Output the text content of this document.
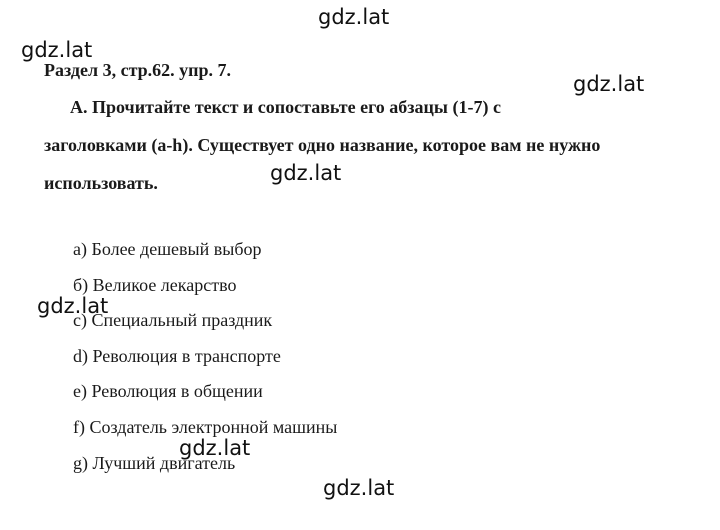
gdz.lat
gdz.lat
gdz.lat
gdz.lat
gdz.lat
gdz.lat
gdz.lat
Раздел 3, стр.62. упр. 7.

А. Прочитайте текст и сопоставьте его абзацы (1-7) с
заголовками (a-h). Существует одно название, которое вам не нужно
использовать.

a) Более дешевый выбор
б) Великое лекарство
c) Специальный праздник
d) Революция в транспорте
e) Революция в общении
f) Создатель электронной машины
g) Лучший двигатель
